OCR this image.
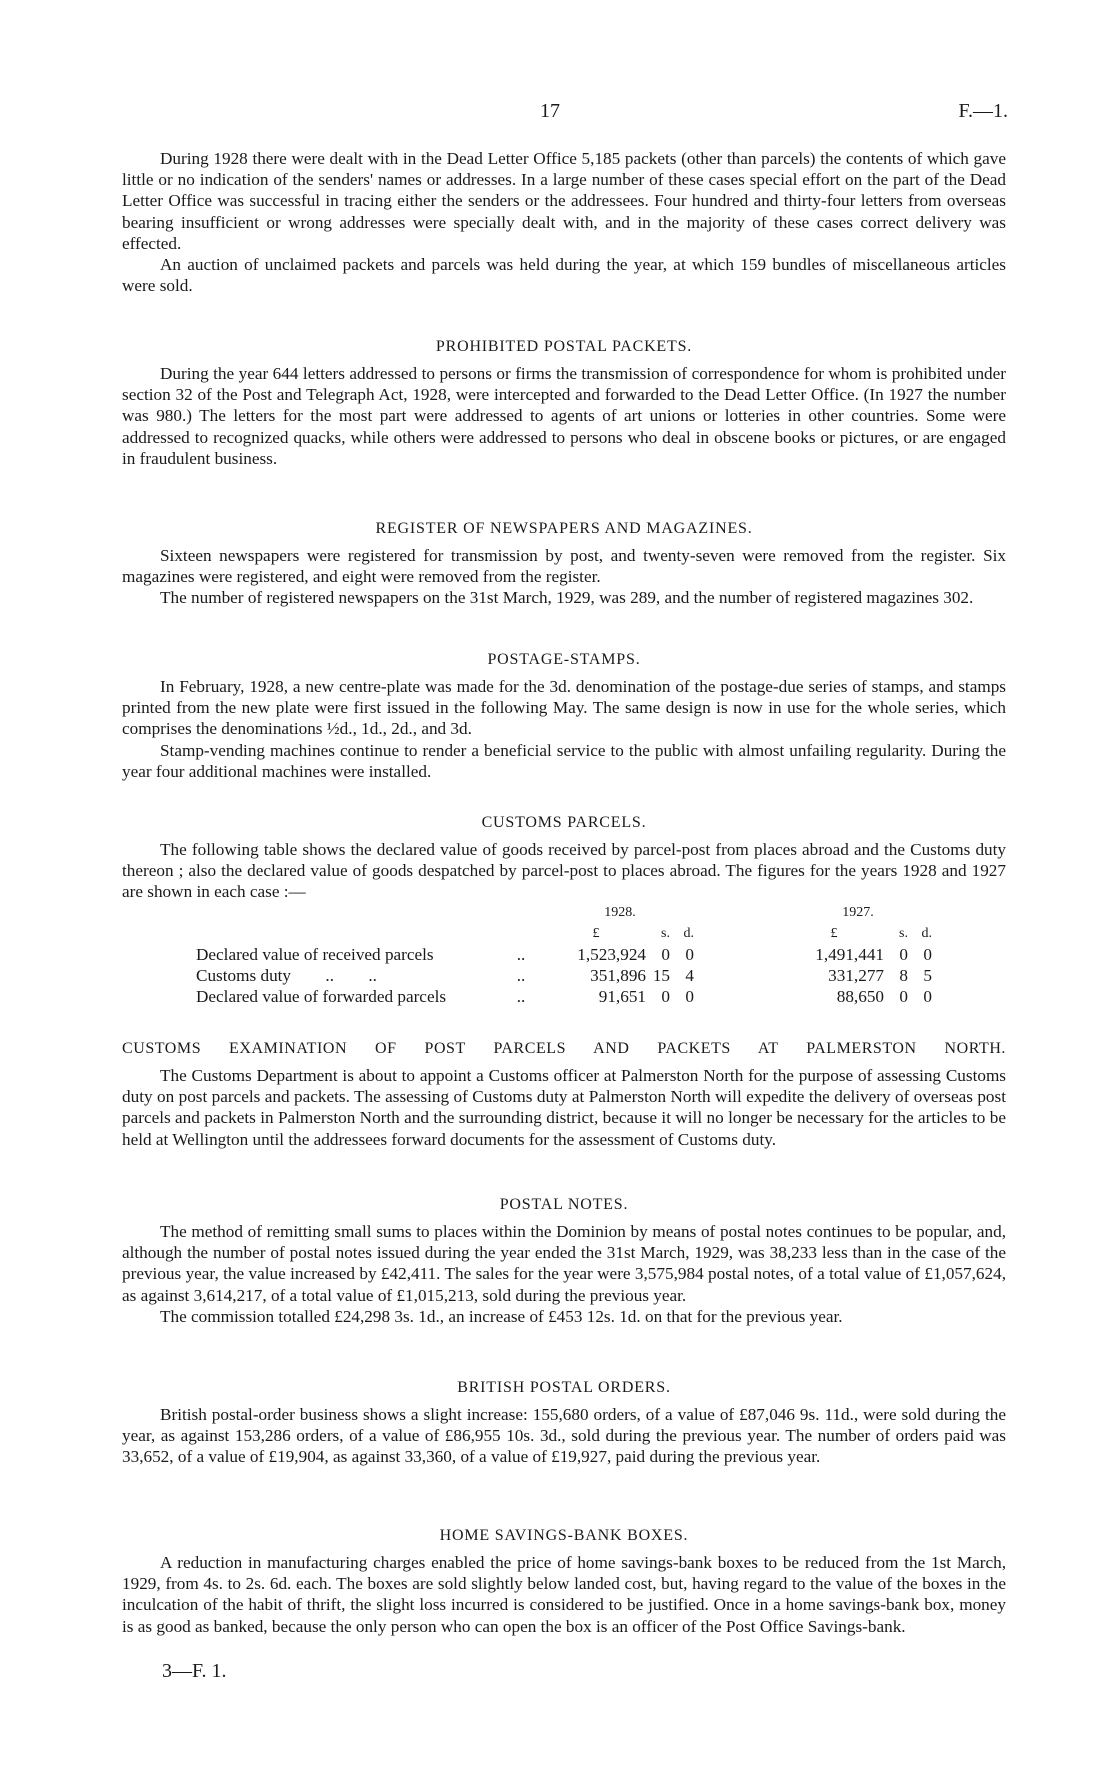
17	F.—1.

During 1928 there were dealt with in the Dead Letter Office 5,185 packets (other than parcels) the contents of which gave little or no indication of the senders' names or addresses. In a large number of these cases special effort on the part of the Dead Letter Office was successful in tracing either the senders or the addressees. Four hundred and thirty-four letters from overseas bearing insufficient or wrong addresses were specially dealt with, and in the majority of these cases correct delivery was effected.

An auction of unclaimed packets and parcels was held during the year, at which 159 bundles of miscellaneous articles were sold.

PROHIBITED POSTAL PACKETS.

During the year 644 letters addressed to persons or firms the transmission of correspondence for whom is prohibited under section 32 of the Post and Telegraph Act, 1928, were intercepted and forwarded to the Dead Letter Office. (In 1927 the number was 980.) The letters for the most part were addressed to agents of art unions or lotteries in other countries. Some were addressed to recognized quacks, while others were addressed to persons who deal in obscene books or pictures, or are engaged in fraudulent business.

REGISTER OF NEWSPAPERS AND MAGAZINES.

Sixteen newspapers were registered for transmission by post, and twenty-seven were removed from the register. Six magazines were registered, and eight were removed from the register.

The number of registered newspapers on the 31st March, 1929, was 289, and the number of registered magazines 302.

POSTAGE-STAMPS.

In February, 1928, a new centre-plate was made for the 3d. denomination of the postage-due series of stamps, and stamps printed from the new plate were first issued in the following May. The same design is now in use for the whole series, which comprises the denominations ½d., 1d., 2d., and 3d.

Stamp-vending machines continue to render a beneficial service to the public with almost unfailing regularity. During the year four additional machines were installed.

CUSTOMS PARCELS.

The following table shows the declared value of goods received by parcel-post from places abroad and the Customs duty thereon ; also the declared value of goods despatched by parcel-post to places abroad. The figures for the years 1928 and 1927 are shown in each case :—

		1928.				1927.		
		£	s.	d.		£	s.	d.
Declared value of received parcels	..	1,523,924	0	0		1,491,441	0	0
Customs duty        ..        ..	..	351,896	15	4		331,277	8	5
Declared value of forwarded parcels	..	91,651	0	0		88,650	0	0
CUSTOMS EXAMINATION OF POST PARCELS AND PACKETS AT PALMERSTON NORTH.

The Customs Department is about to appoint a Customs officer at Palmerston North for the purpose of assessing Customs duty on post parcels and packets. The assessing of Customs duty at Palmerston North will expedite the delivery of overseas post parcels and packets in Palmerston North and the surrounding district, because it will no longer be necessary for the articles to be held at Wellington until the addressees forward documents for the assessment of Customs duty.

POSTAL NOTES.

The method of remitting small sums to places within the Dominion by means of postal notes continues to be popular, and, although the number of postal notes issued during the year ended the 31st March, 1929, was 38,233 less than in the case of the previous year, the value increased by £42,411. The sales for the year were 3,575,984 postal notes, of a total value of £1,057,624, as against 3,614,217, of a total value of £1,015,213, sold during the previous year.

The commission totalled £24,298 3s. 1d., an increase of £453 12s. 1d. on that for the previous year.

BRITISH POSTAL ORDERS.

British postal-order business shows a slight increase: 155,680 orders, of a value of £87,046 9s. 11d., were sold during the year, as against 153,286 orders, of a value of £86,955 10s. 3d., sold during the previous year. The number of orders paid was 33,652, of a value of £19,904, as against 33,360, of a value of £19,927, paid during the previous year.

HOME SAVINGS-BANK BOXES.

A reduction in manufacturing charges enabled the price of home savings-bank boxes to be reduced from the 1st March, 1929, from 4s. to 2s. 6d. each. The boxes are sold slightly below landed cost, but, having regard to the value of the boxes in the inculcation of the habit of thrift, the slight loss incurred is considered to be justified. Once in a home savings-bank box, money is as good as banked, because the only person who can open the box is an officer of the Post Office Savings-bank.

3—F. 1.
